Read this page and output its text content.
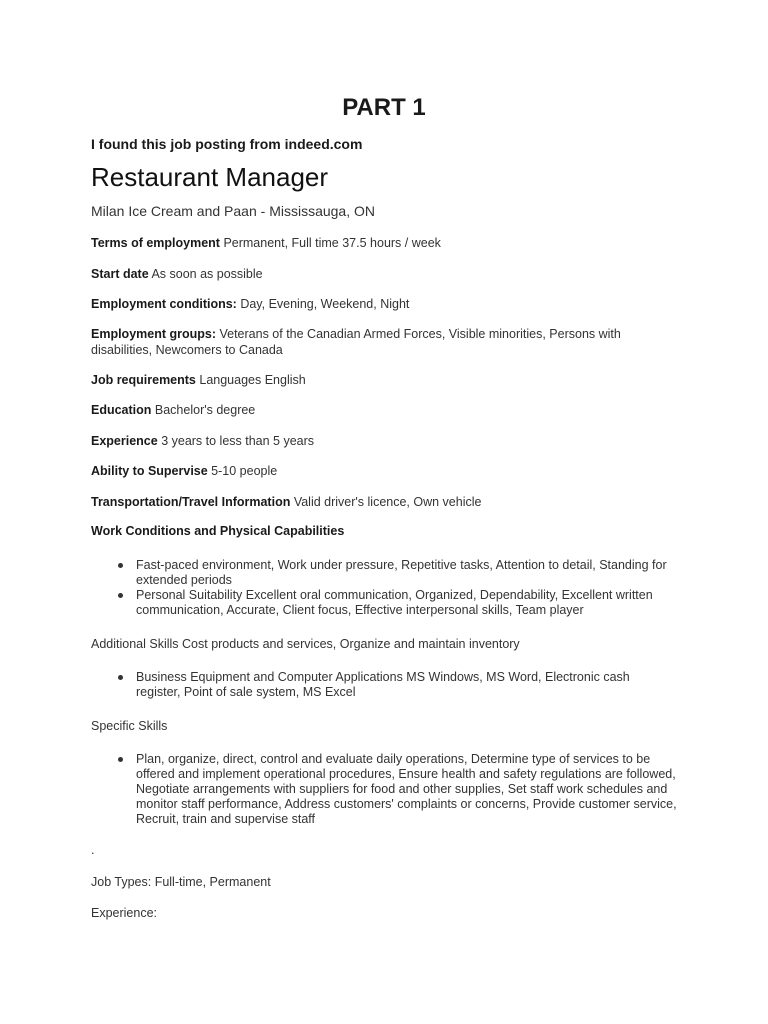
PART 1

I found this job posting from indeed.com

Restaurant Manager

Milan Ice Cream and Paan - Mississauga, ON

Terms of employment Permanent, Full time 37.5 hours / week

Start date As soon as possible

Employment conditions: Day, Evening, Weekend, Night

Employment groups: Veterans of the Canadian Armed Forces, Visible minorities, Persons with disabilities, Newcomers to Canada

Job requirements Languages English

Education Bachelor's degree

Experience 3 years to less than 5 years

Ability to Supervise 5-10 people

Transportation/Travel Information Valid driver's licence, Own vehicle

Work Conditions and Physical Capabilities

Fast-paced environment, Work under pressure, Repetitive tasks, Attention to detail, Standing for extended periods
Personal Suitability Excellent oral communication, Organized, Dependability, Excellent written communication, Accurate, Client focus, Effective interpersonal skills, Team player

Additional Skills Cost products and services, Organize and maintain inventory

Business Equipment and Computer Applications MS Windows, MS Word, Electronic cash register, Point of sale system, MS Excel

Specific Skills

Plan, organize, direct, control and evaluate daily operations, Determine type of services to be offered and implement operational procedures, Ensure health and safety regulations are followed, Negotiate arrangements with suppliers for food and other supplies, Set staff work schedules and monitor staff performance, Address customers' complaints or concerns, Provide customer service, Recruit, train and supervise staff

.

Job Types: Full-time, Permanent

Experience:
